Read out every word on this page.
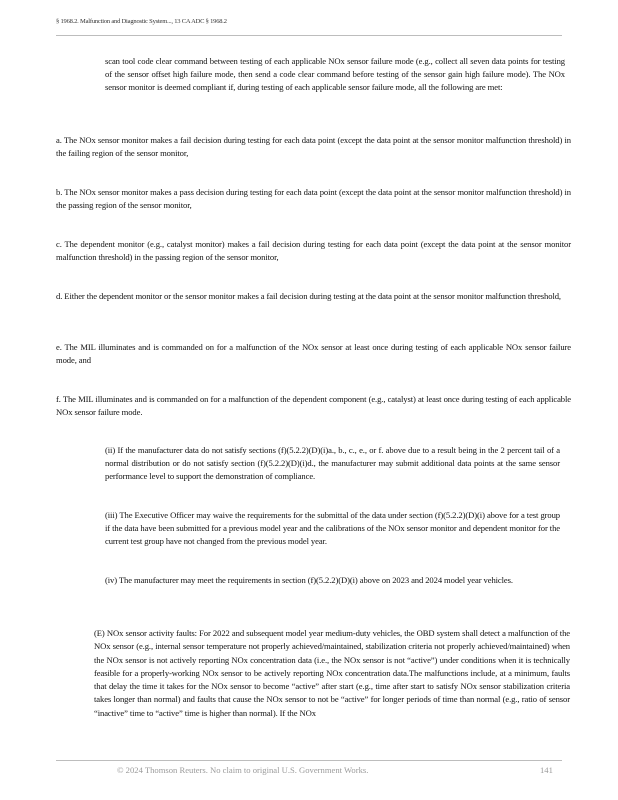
§ 1968.2. Malfunction and Diagnostic System..., 13 CA ADC § 1968.2

scan tool code clear command between testing of each applicable NOx sensor failure mode (e.g., collect all seven data points for testing of the sensor offset high failure mode, then send a code clear command before testing of the sensor gain high failure mode). The NOx sensor monitor is deemed compliant if, during testing of each applicable sensor failure mode, all the following are met:

a. The NOx sensor monitor makes a fail decision during testing for each data point (except the data point at the sensor monitor malfunction threshold) in the failing region of the sensor monitor,

b. The NOx sensor monitor makes a pass decision during testing for each data point (except the data point at the sensor monitor malfunction threshold) in the passing region of the sensor monitor,

c. The dependent monitor (e.g., catalyst monitor) makes a fail decision during testing for each data point (except the data point at the sensor monitor malfunction threshold) in the passing region of the sensor monitor,

d. Either the dependent monitor or the sensor monitor makes a fail decision during testing at the data point at the sensor monitor malfunction threshold,

e. The MIL illuminates and is commanded on for a malfunction of the NOx sensor at least once during testing of each applicable NOx sensor failure mode, and

f. The MIL illuminates and is commanded on for a malfunction of the dependent component (e.g., catalyst) at least once during testing of each applicable NOx sensor failure mode.

(ii) If the manufacturer data do not satisfy sections (f)(5.2.2)(D)(i)a., b., c., e., or f. above due to a result being in the 2 percent tail of a normal distribution or do not satisfy section (f)(5.2.2)(D)(i)d., the manufacturer may submit additional data points at the same sensor performance level to support the demonstration of compliance.

(iii) The Executive Officer may waive the requirements for the submittal of the data under section (f)(5.2.2)(D)(i) above for a test group if the data have been submitted for a previous model year and the calibrations of the NOx sensor monitor and dependent monitor for the current test group have not changed from the previous model year.

(iv) The manufacturer may meet the requirements in section (f)(5.2.2)(D)(i) above on 2023 and 2024 model year vehicles.

(E) NOx sensor activity faults: For 2022 and subsequent model year medium-duty vehicles, the OBD system shall detect a malfunction of the NOx sensor (e.g., internal sensor temperature not properly achieved/maintained, stabilization criteria not properly achieved/maintained) when the NOx sensor is not actively reporting NOx concentration data (i.e., the NOx sensor is not “active”) under conditions when it is technically feasible for a properly-working NOx sensor to be actively reporting NOx concentration data.The malfunctions include, at a minimum, faults that delay the time it takes for the NOx sensor to become “active” after start (e.g., time after start to satisfy NOx sensor stabilization criteria takes longer than normal) and faults that cause the NOx sensor to not be “active” for longer periods of time than normal (e.g., ratio of sensor “inactive” time to “active” time is higher than normal). If the NOx

© 2024 Thomson Reuters. No claim to original U.S. Government Works.	141
